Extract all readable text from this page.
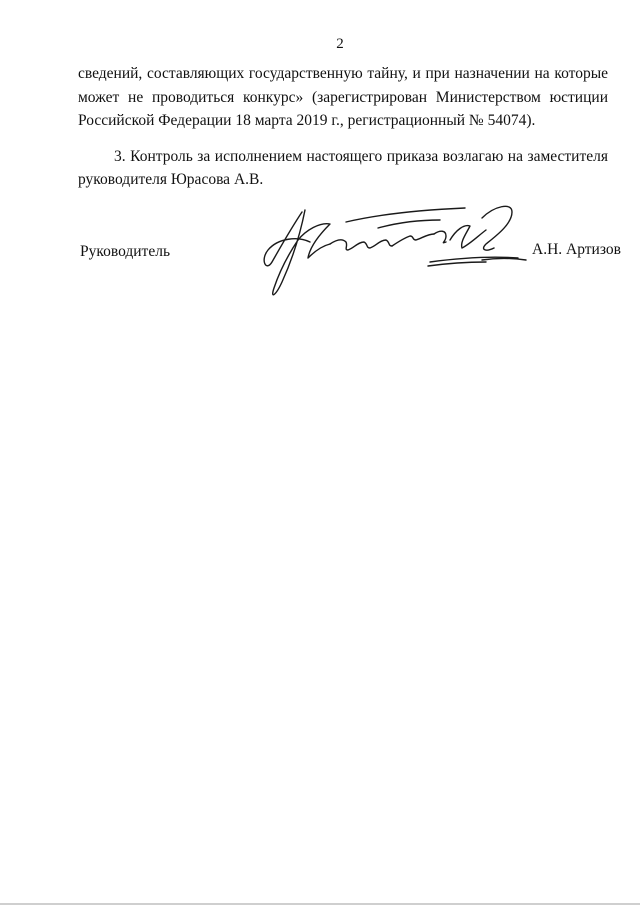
2
сведений, составляющих государственную тайну, и при назначении на которые
может не проводиться конкурс» (зарегистрирован Министерством юстиции
Российской Федерации 18 марта 2019 г., регистрационный № 54074).
3. Контроль за исполнением настоящего приказа возлагаю на заместителя
руководителя Юрасова А.В.
Руководитель	А.Н. Артизов
